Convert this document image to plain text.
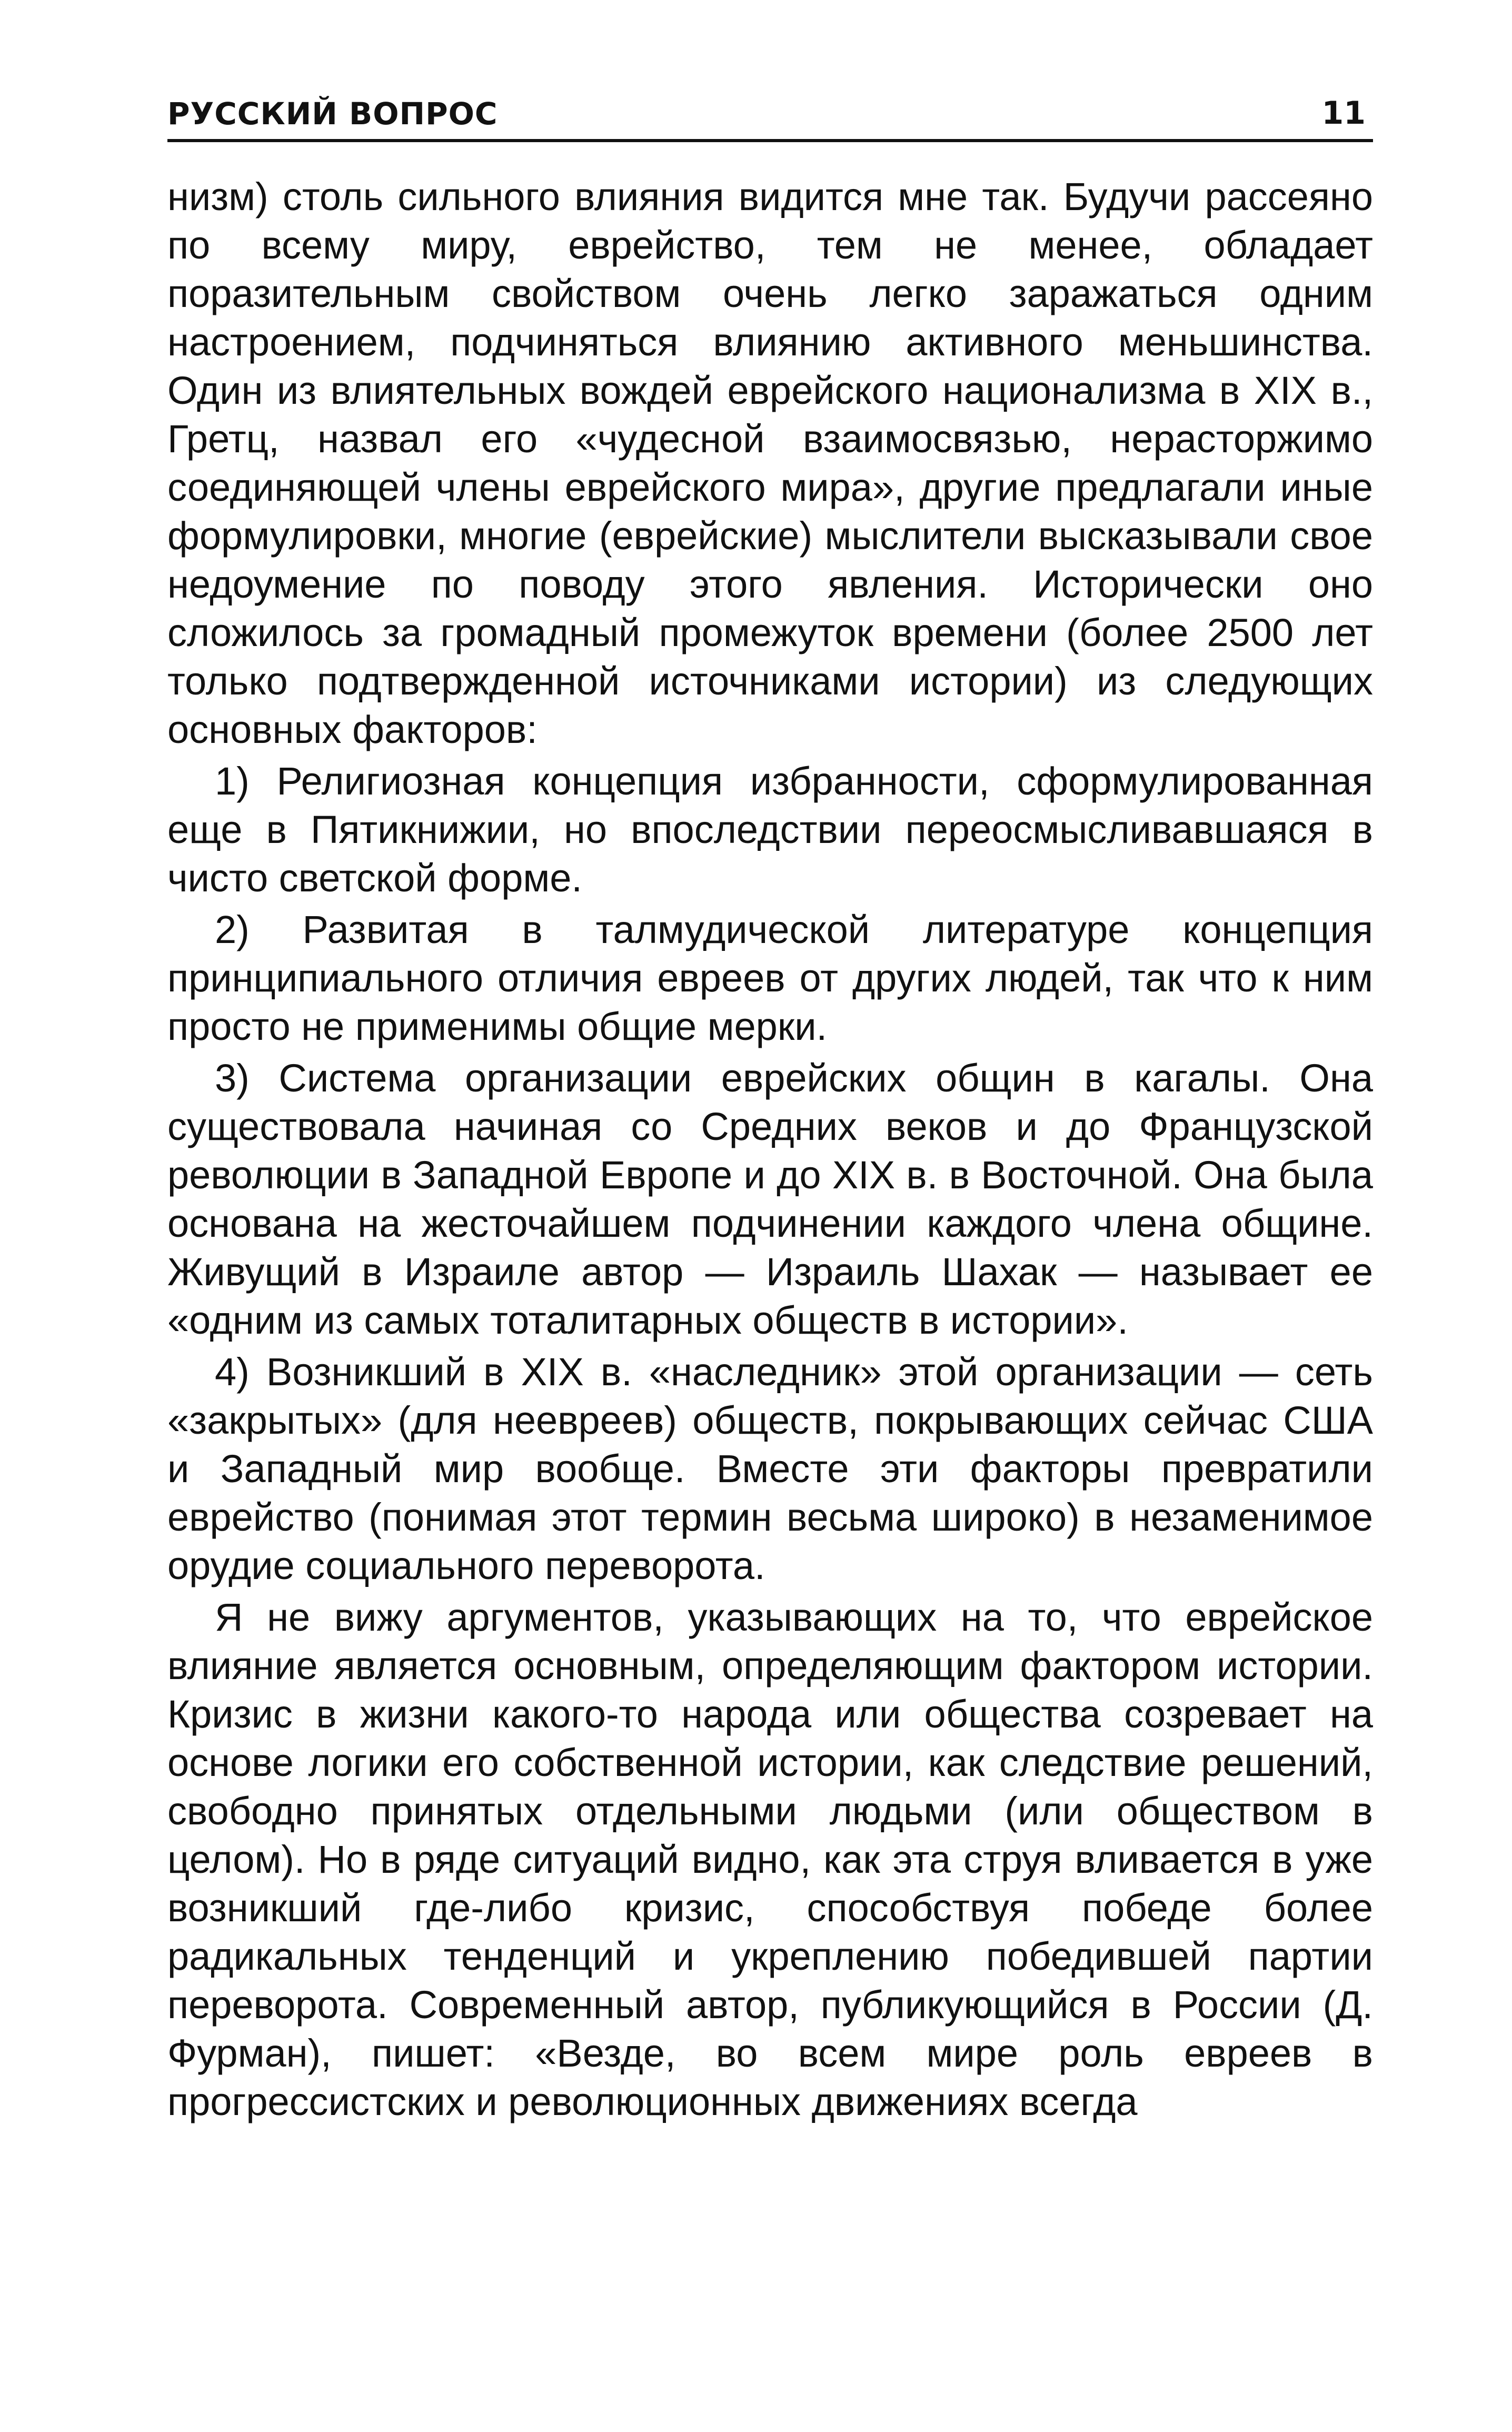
РУССКИЙ ВОПРОС	11

низм) столь сильного влияния видится мне так. Будучи рассеяно по всему миру, еврейство, тем не менее, обладает поразительным свойством очень легко заражаться одним настроением, подчиняться влиянию активного меньшинства. Один из влиятельных вождей еврейского национализма в XIX в., Гретц, назвал его «чудесной взаимосвязью, нерасторжимо соединяющей члены еврейского мира», другие предлагали иные формулировки, многие (еврейские) мыслители высказывали свое недоумение по поводу этого явления. Исторически оно сложилось за громадный промежуток времени (более 2500 лет только подтвержденной источниками истории) из следующих основных факторов:

1) Религиозная концепция избранности, сформулированная еще в Пятикнижии, но впоследствии переосмысливавшаяся в чисто светской форме.

2) Развитая в талмудической литературе концепция принципиального отличия евреев от других людей, так что к ним просто не применимы общие мерки.

3) Система организации еврейских общин в кагалы. Она существовала начиная со Средних веков и до Французской революции в Западной Европе и до XIX в. в Восточной. Она была основана на жесточайшем подчинении каждого члена общине. Живущий в Израиле автор — Израиль Шахак — называет ее «одним из самых тоталитарных обществ в истории».

4) Возникший в XIX в. «наследник» этой организации — сеть «закрытых» (для неевреев) обществ, покрывающих сейчас США и Западный мир вообще. Вместе эти факторы превратили еврейство (понимая этот термин весьма широко) в незаменимое орудие социального переворота.

Я не вижу аргументов, указывающих на то, что еврейское влияние является основным, определяющим фактором истории. Кризис в жизни какого-то народа или общества созревает на основе логики его собственной истории, как следствие решений, свободно принятых отдельными людьми (или обществом в целом). Но в ряде ситуаций видно, как эта струя вливается в уже возникший где-либо кризис, способствуя победе более радикальных тенденций и укреплению победившей партии переворота. Современный автор, публикующийся в России (Д. Фурман), пишет: «Везде, во всем мире роль евреев в прогрессистских и революционных движениях всегда
